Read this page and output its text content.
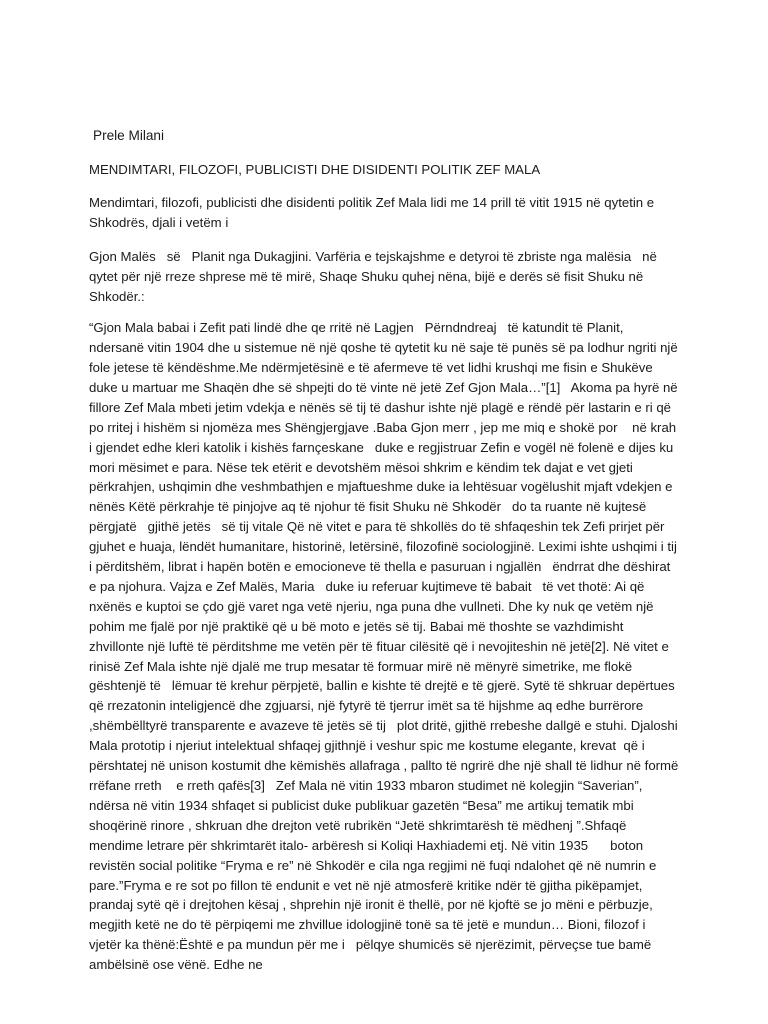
Prele Milani
MENDIMTARI, FILOZOFI, PUBLICISTI DHE DISIDENTI POLITIK ZEF MALA

Mendimtari, filozofi, publicisti dhe disidenti politik Zef Mala lidi me 14 prill të vitit 1915 në qytetin e Shkodrës, djali i vetëm i

Gjon Malës   së   Planit nga Dukagjini. Varfëria e tejskajshme e detyroi të zbriste nga malësia   në qytet për një rreze shprese më të mirë, Shaqe Shuku quhej nëna, bijë e derës së fisit Shuku në Shkodër.:

“Gjon Mala babai i Zefit pati lindë dhe qe rritë në Lagjen   Përndndreaj   të katundit të Planit, ndersanë vitin 1904 dhe u sistemue në një qoshe të qytetit ku në saje të punës së pa lodhur ngriti një fole jetese të këndëshme.Me ndërmjetësinë e të afermeve të vet lidhi krushqi me fisin e Shukëve duke u martuar me Shaqën dhe së shpejti do të vinte në jetë Zef Gjon Mala…”[1]   Akoma pa hyrë në fillore Zef Mala mbeti jetim vdekja e nënës së tij të dashur ishte një plagë e rëndë për lastarin e ri që po rritej i hishëm si njomëza mes Shëngjergjave .Baba Gjon merr , jep me miq e shokë por    në krah   i gjendet edhe kleri katolik i kishës farnçeskane   duke e regjistruar Zefin e vogël në folenë e dijes ku mori mësimet e para. Nëse tek etërit e devotshëm mësoi shkrim e këndim tek dajat e vet gjeti përkrahjen, ushqimin dhe veshmbathjen e mjaftueshme duke ia lehtësuar vogëlushit mjaft vdekjen e nënës Këtë përkrahje të pinjojve aq të njohur të fisit Shuku në Shkodër   do ta ruante në kujtesë     përgjatë   gjithë jetës   së tij vitale Që në vitet e para të shkollës do të shfaqeshin tek Zefi prirjet për gjuhet e huaja, lëndët humanitare, historinë, letërsinë, filozofinë sociologjinë. Leximi ishte ushqimi i tij i përditshëm, librat i hapën botën e emocioneve të thella e pasuruan i ngjallën   ëndrrat dhe dëshirat e pa njohura. Vajza e Zef Malës, Maria   duke iu referuar kujtimeve të babait   të vet thotë: Ai që nxënës e kuptoi se çdo gjë varet nga vetë njeriu, nga puna dhe vullneti. Dhe ky nuk qe vetëm një pohim me fjalë por një praktikë që u bë moto e jetës së tij. Babai më thoshte se vazhdimisht zhvillonte një luftë të përditshme me vetën për të fituar cilësitë që i nevojiteshin në jetë[2]. Në vitet e rinisë Zef Mala ishte një djalë me trup mesatar të formuar mirë në mënyrë simetrike, me flokë gështenjë të   lëmuar të krehur përpjetë, ballin e kishte të drejtë e të gjerë. Sytë të shkruar depërtues që rrezatonin inteligjencë dhe zgjuarsi, një fytyrë të tjerrur imët sa të hijshme aq edhe burrërore ,shëmbëlltyrë transparente e avazeve të jetës së tij   plot dritë, gjithë rrebeshe dallgë e stuhi. Djaloshi Mala prototip i njeriut intelektual shfaqej gjithnjë i veshur spic me kostume elegante, krevat  që i përshtatej në unison kostumit dhe këmishës allafraga , pallto të ngrirë dhe një shall të lidhur në formë rrëfane rreth    e rreth qafës[3]   Zef Mala në vitin 1933 mbaron studimet në kolegjin “Saverian”, ndërsa në vitin 1934 shfaqet si publicist duke publikuar gazetën “Besa” me artikuj tematik mbi shoqërinë rinore , shkruan dhe drejton vetë rubrikën “Jetë shkrimtarësh të mëdhenj ”.Shfaqë mendime letrare për shkrimtarët italo- arbëresh si Koliqi Haxhiademi etj. Në vitin 1935      boton revistën social politike “Fryma e re” në Shkodër e cila nga regjimi në fuqi ndalohet që në numrin e pare.”Fryma e re sot po fillon të endunit e vet në një atmosferë kritike ndër të gjitha pikëpamjet, prandaj sytë që i drejtohen kësaj , shprehin një ironit ë thellë, por në kjoftë se jo mëni e përbuzje, megjith ketë ne do të përpiqemi me zhvillue idologjinë tonë sa të jetë e mundun… Bioni, filozof i vjetër ka thënë:Është e pa mundun për me i   pëlqye shumicës së njerëzimit, përveçse tue bamë ambëlsinë ose vënë. Edhe ne
